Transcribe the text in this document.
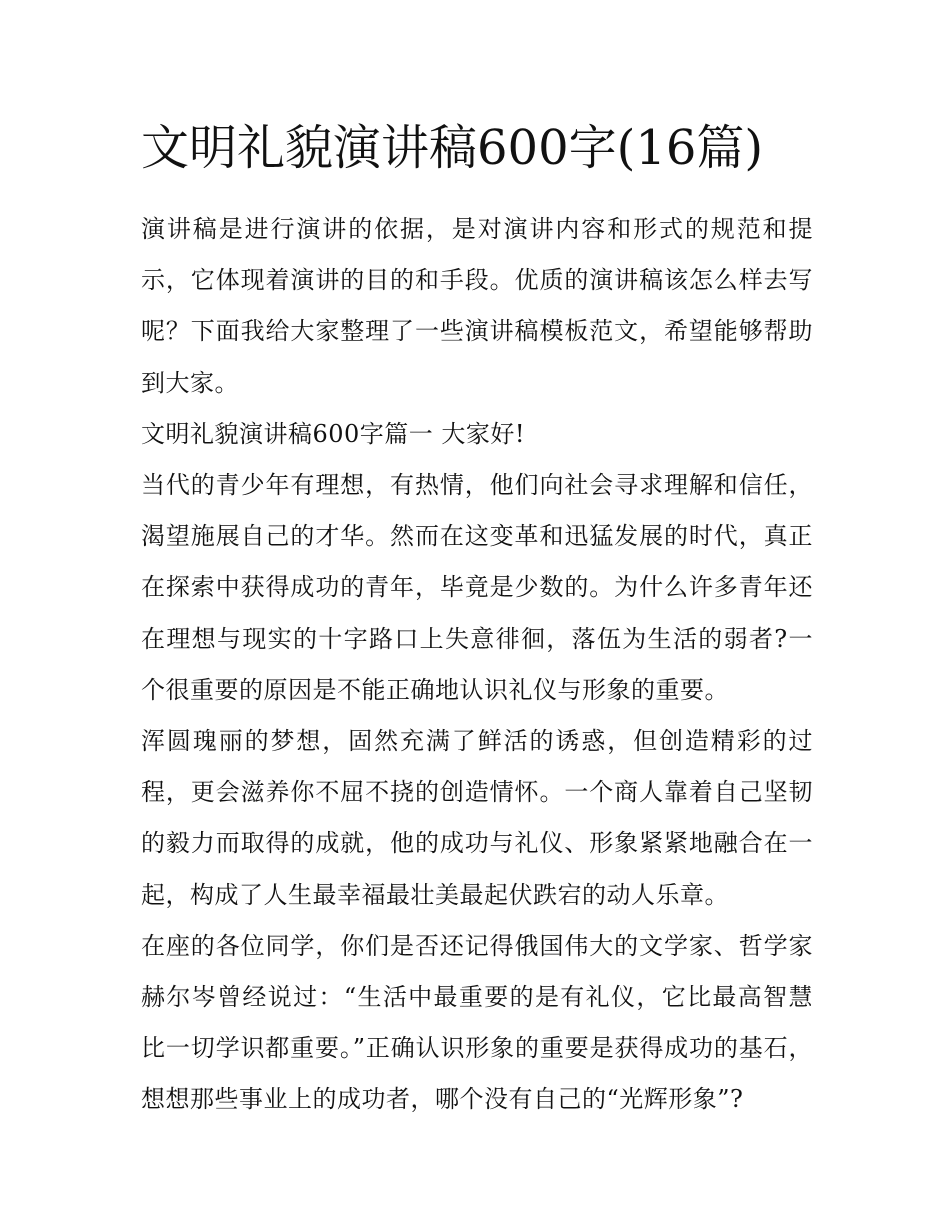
文明礼貌演讲稿600字(16篇)

演讲稿是进行演讲的依据，是对演讲内容和形式的规范和提示，它体现着演讲的目的和手段。优质的演讲稿该怎么样去写呢？下面我给大家整理了一些演讲稿模板范文，希望能够帮助到大家。

文明礼貌演讲稿600字篇一 大家好!

当代的青少年有理想，有热情，他们向社会寻求理解和信任，渴望施展自己的才华。然而在这变革和迅猛发展的时代，真正在探索中获得成功的青年，毕竟是少数的。为什么许多青年还在理想与现实的十字路口上失意徘徊，落伍为生活的弱者?一个很重要的原因是不能正确地认识礼仪与形象的重要。

浑圆瑰丽的梦想，固然充满了鲜活的诱惑，但创造精彩的过程，更会滋养你不屈不挠的创造情怀。一个商人靠着自己坚韧的毅力而取得的成就，他的成功与礼仪、形象紧紧地融合在一起，构成了人生最幸福最壮美最起伏跌宕的动人乐章。

在座的各位同学，你们是否还记得俄国伟大的文学家、哲学家赫尔岑曾经说过：“生活中最重要的是有礼仪，它比最高智慧比一切学识都重要。”正确认识形象的重要是获得成功的基石，想想那些事业上的成功者，哪个没有自己的“光辉形象”?
